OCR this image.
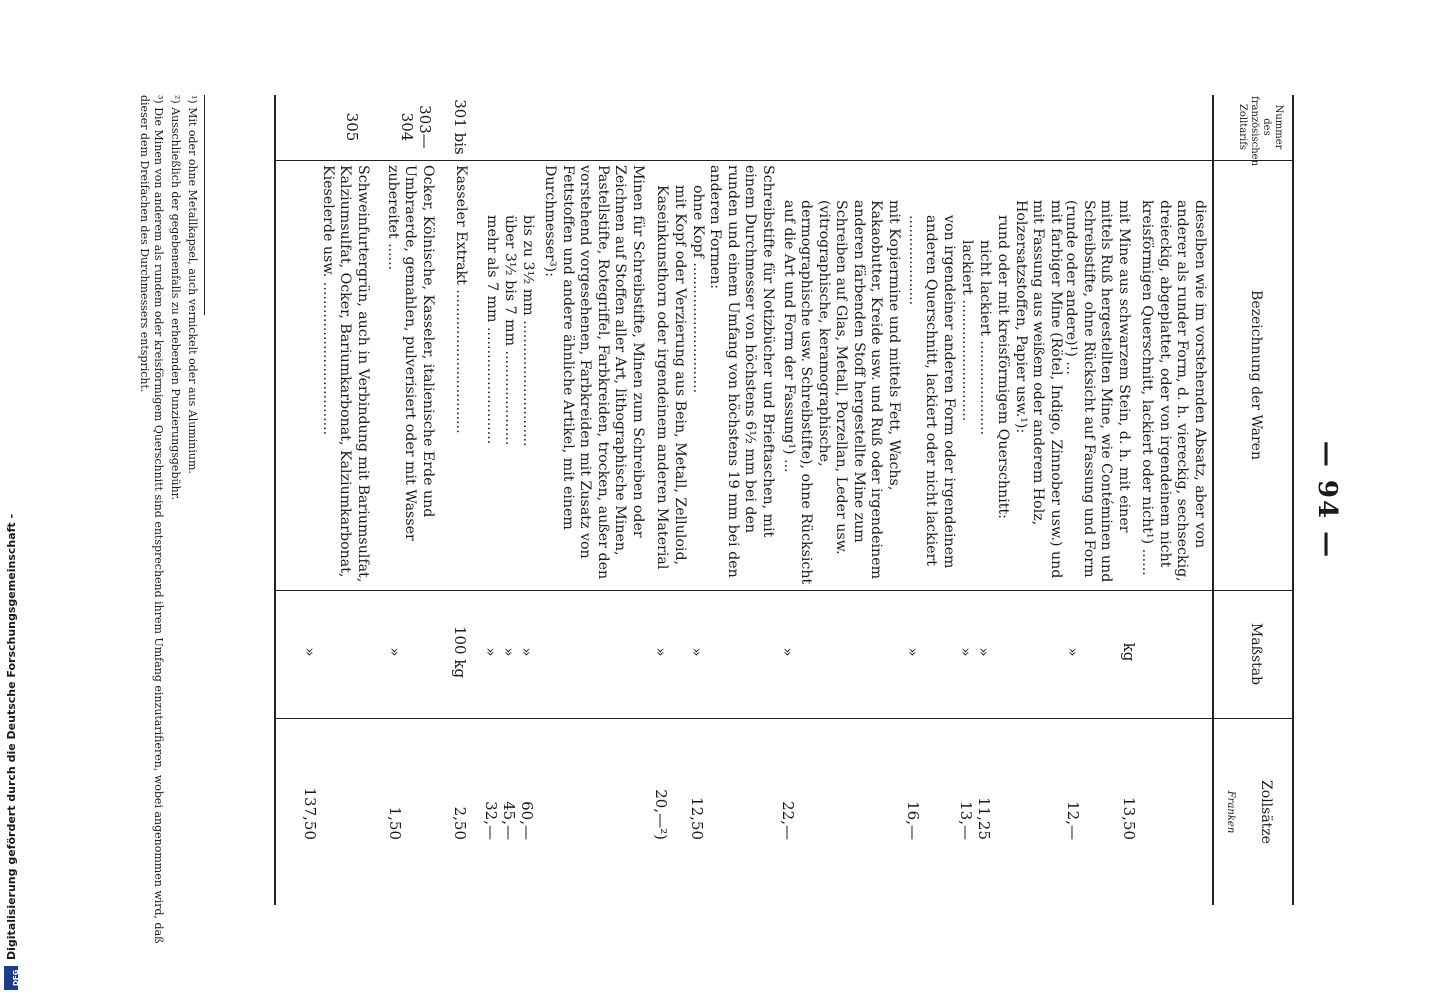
— 94 —
Nummer des französischen Zolltarifs
Bezeichnung der Waren
Maßstab
Zollsätze
Franken
dieselben wie im vorstehenden Absatz, aber von anderer als runder Form, d. h. viereckig, sechseckig, dreieckig, abgeplattet, oder von irgendeinem nicht kreisförmigen Querschnitt, lackiert oder nicht¹) ......
kg
13,50
mit Mine aus schwarzem Stein, d. h. mit einer mittels Ruß hergestellten Mine, wie Contéminen und Schreibstifte, ohne Rücksicht auf Fassung und Form (runde oder andere)¹) ...
»
12,—
mit farbiger Mine (Rötel, Indigo, Zinnober usw.) und mit Fassung aus weißem oder anderem Holz, Holzersatzstoffen, Papier usw.¹):
rund oder mit kreisförmigem Querschnitt:
nicht lackiert .....................
»
11,25
lackiert ...........................
»
13,—
von irgendeiner anderen Form oder irgendeinem anderen Querschnitt, lackiert oder nicht lackiert ....................
»
16,—
mit Kopiermine und mittels Fett, Wachs, Kakaobutter, Kreide usw. und Ruß oder irgendeinem anderen färbenden Stoff hergestellte Mine zum Schreiben auf Glas, Metall, Porzellan, Leder usw. (vitrographische, keramographische, dermographische usw. Schreibstifte), ohne Rücksicht auf die Art und Form der Fassung¹) ...
»
22,—
Schreibstifte für Notizbücher und Brieftaschen, mit einem Durchmesser von höchstens 6½ mm bei den runden und einem Umfang von höchstens 19 mm bei den anderen Formen:
ohne Kopf .............................
»
12,50
mit Kopf oder Verzierung aus Bein, Metall, Zelluloid, Kaseinkunsthorn oder irgendeinem anderen Material
»
20,—²)
Minen für Schreibstifte, Minen zum Schreiben oder Zeichnen auf Stoffen aller Art, lithographische Minen, Pastellstifte, Rotegriffel, Farbkreiden, trocken, außer den vorstehend vorgesehenen, Farbkreiden mit Zusatz von Fettstoffen und andere ähnliche Artikel, mit einem Durchmesser³):
bis zu 3½ mm ............................
»
60,—
über 3½ bis 7 mm .....................
»
45,—
mehr als 7 mm ..........................
»
32,—
301 bis
Kasseler Extrakt ................................
100 kg
2,50
303—304
Ocker, Kölnische, Kasseler, italienische Erde und Umbraerde, gemahlen, pulverisiert oder mit Wasser zubereitet ......
»
1,50
305
Schweinfurtergrün, auch in Verbindung mit Bariumsulfat, Kalziumsulfat, Ocker, Bariumkarbonat, Kalziumkarbonat, Kieselerde usw. ..................................
»
137,50
¹) Mit oder ohne Metallkapsel, auch vernickelt oder aus Aluminium.
²) Ausschließlich der gegebenenfalls zu erhebenden Punzierungsgebühr.
³) Die Minen von anderem als rundem oder kreisförmigem Querschnitt sind entsprechend ihrem Umfang einzutarifieren, wobei angenommen wird, daß dieser dem Dreifachen des Durchmessers entspricht.
Digitalisierung gefördert durch die Deutsche Forschungsgemeinschaft -
DFG
